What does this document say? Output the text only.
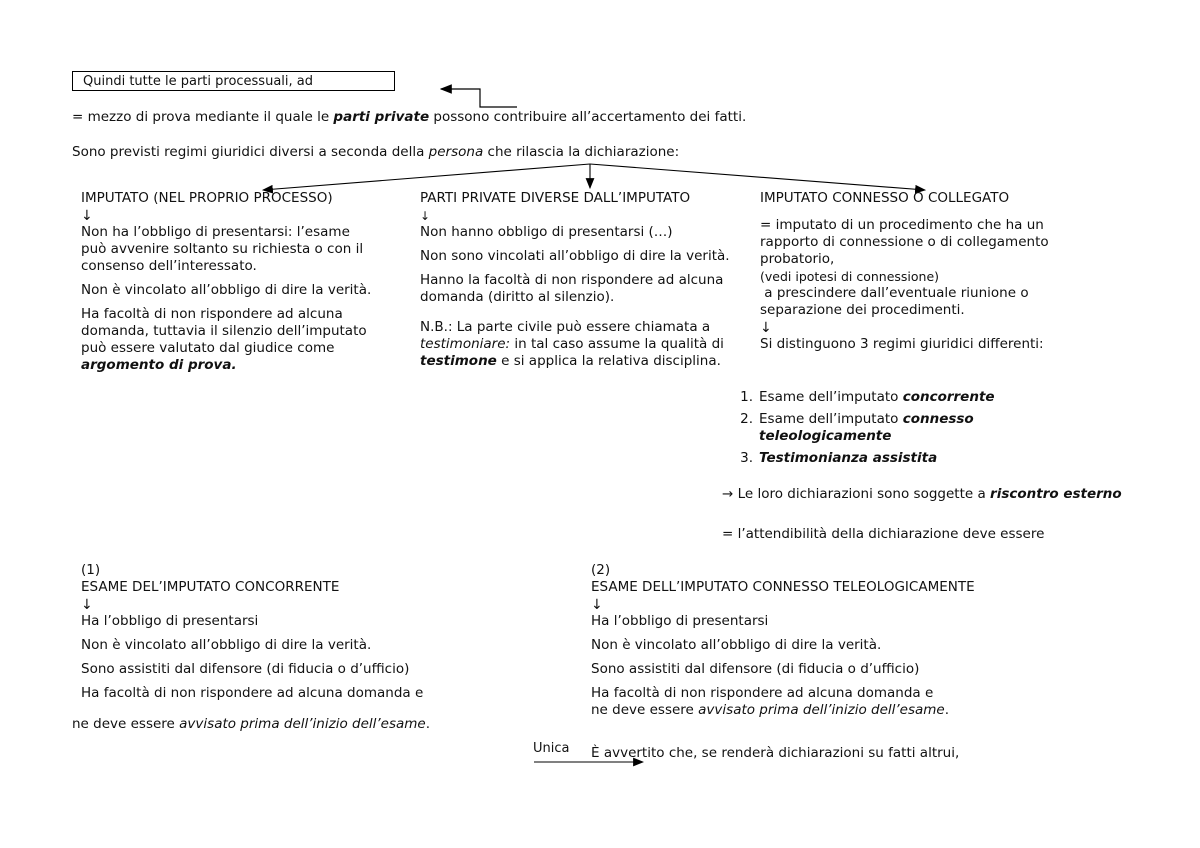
Quindi tutte le parti processuali, ad

= mezzo di prova mediante il quale le parti private possono contribuire all’accertamento dei fatti.

Sono previsti regimi giuridici diversi a seconda della persona che rilascia la dichiarazione:

IMPUTATO (NEL PROPRIO PROCESSO)

↓

Non ha l’obbligo di presentarsi: l’esame può avvenire soltanto su richiesta o con il consenso dell’interessato.

Non è vincolato all’obbligo di dire la verità.

Ha facoltà di non rispondere ad alcuna domanda, tuttavia il silenzio dell’imputato può essere valutato dal giudice come argomento di prova.

PARTI PRIVATE DIVERSE DALL’IMPUTATO

↓

Non hanno obbligo di presentarsi (…)

Non sono vincolati all’obbligo di dire la verità.

Hanno la facoltà di non rispondere ad alcuna domanda (diritto al silenzio).

N.B.: La parte civile può essere chiamata a testimoniare: in tal caso assume la qualità di testimone e si applica la relativa disciplina.

IMPUTATO CONNESSO O COLLEGATO

= imputato di un procedimento che ha un rapporto di connessione o di collegamento probatorio,

(vedi ipotesi di connessione)

a prescindere dall’eventuale riunione o separazione dei procedimenti.

↓

Si distinguono 3 regimi giuridici differenti:

1. Esame dell’imputato concorrente
2. Esame dell’imputato connesso teleologicamente
3. Testimonianza assistita

→ Le loro dichiarazioni sono soggette a riscontro esterno

= l’attendibilità della dichiarazione deve essere

(1)

ESAME DEL’IMPUTATO CONCORRENTE

↓

Ha l’obbligo di presentarsi

Non è vincolato all’obbligo di dire la verità.

Sono assistiti dal difensore (di fiducia o d’ufficio)

Ha facoltà di non rispondere ad alcuna domanda e

ne deve essere avvisato prima dell’inizio dell’esame.

(2)

ESAME DELL’IMPUTATO CONNESSO TELEOLOGICAMENTE

↓

Ha l’obbligo di presentarsi

Non è vincolato all’obbligo di dire la verità.

Sono assistiti dal difensore (di fiducia o d’ufficio)

Ha facoltà di non rispondere ad alcuna domanda e

ne deve essere avvisato prima dell’inizio dell’esame.

Unica È avvertito che, se renderà dichiarazioni su fatti altrui,
